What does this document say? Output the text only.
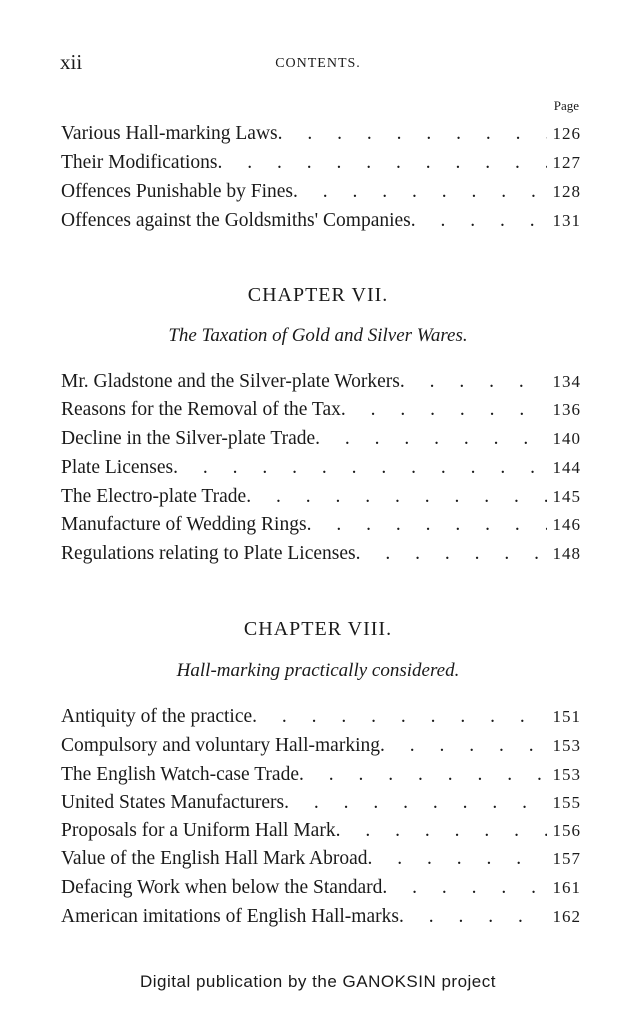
xii	CONTENTS.
Page
Various Hall-marking Laws . . .	126
Their Modifications . . .	127
Offences Punishable by Fines . . .	128
Offences against the Goldsmiths' Companies . . .	131
CHAPTER VII.
The Taxation of Gold and Silver Wares.
Mr. Gladstone and the Silver-plate Workers . . .	134
Reasons for the Removal of the Tax . . .	136
Decline in the Silver-plate Trade . . .	140
Plate Licenses . . .	144
The Electro-plate Trade . . .	145
Manufacture of Wedding Rings . . .	146
Regulations relating to Plate Licenses . . .	148
CHAPTER VIII.
Hall-marking practically considered.
Antiquity of the practice . . .	151
Compulsory and voluntary Hall-marking . . .	153
The English Watch-case Trade . . .	153
United States Manufacturers . . .	155
Proposals for a Uniform Hall Mark . . .	156
Value of the English Hall Mark Abroad . . .	157
Defacing Work when below the Standard . . .	161
American imitations of English Hall-marks . . .	162
Digital publication by the GANOKSIN project
